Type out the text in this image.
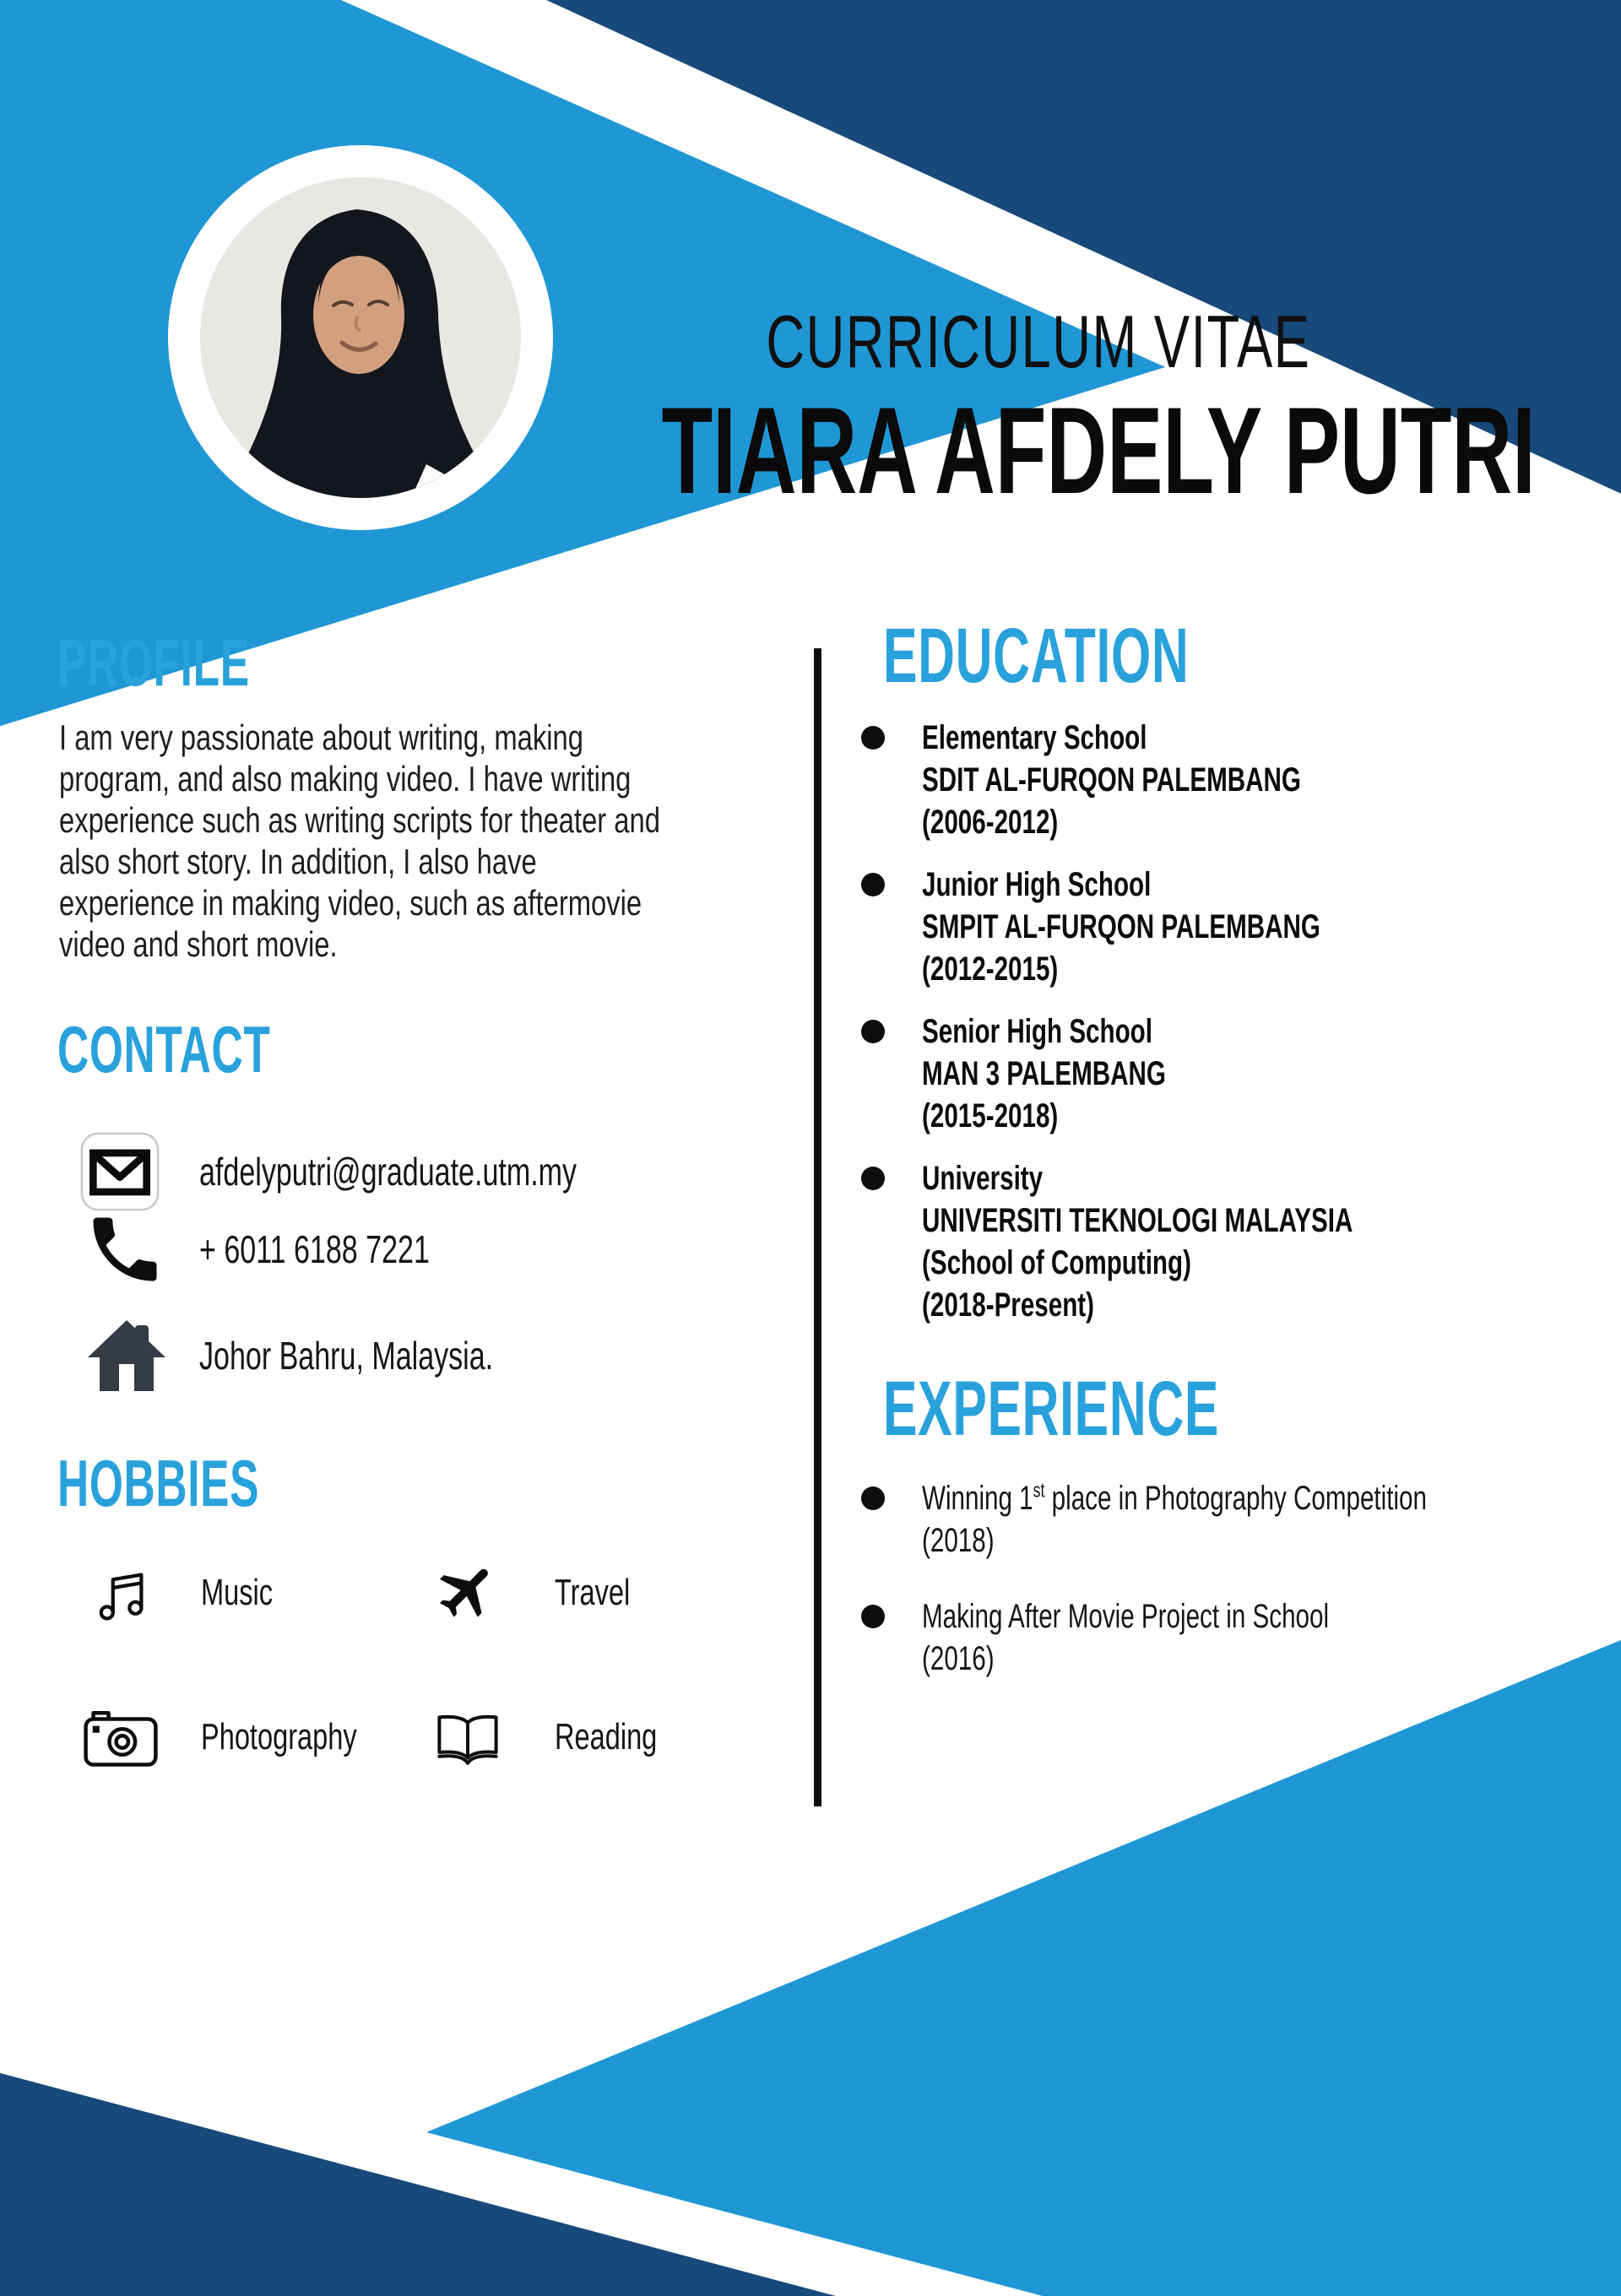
CURRICULUM VITAE
TIARA AFDELY PUTRI
PROFILE
I am very passionate about writing, making program, and also making video. I have writing experience such as writing scripts for theater and also short story. In addition, I also have experience in making video, such as aftermovie video and short movie.
CONTACT
afdelyputri@graduate.utm.my
+ 6011 6188 7221
Johor Bahru, Malaysia.
HOBBIES
Music	Travel
Photography	Reading
EDUCATION
Elementary School
SDIT AL-FURQON PALEMBANG
(2006-2012)
Junior High School
SMPIT AL-FURQON PALEMBANG
(2012-2015)
Senior High School
MAN 3 PALEMBANG
(2015-2018)
University
UNIVERSITI TEKNOLOGI MALAYSIA
(School of Computing)
(2018-Present)
EXPERIENCE
Winning 1st place in Photography Competition
(2018)
Making After Movie Project in School
(2016)
